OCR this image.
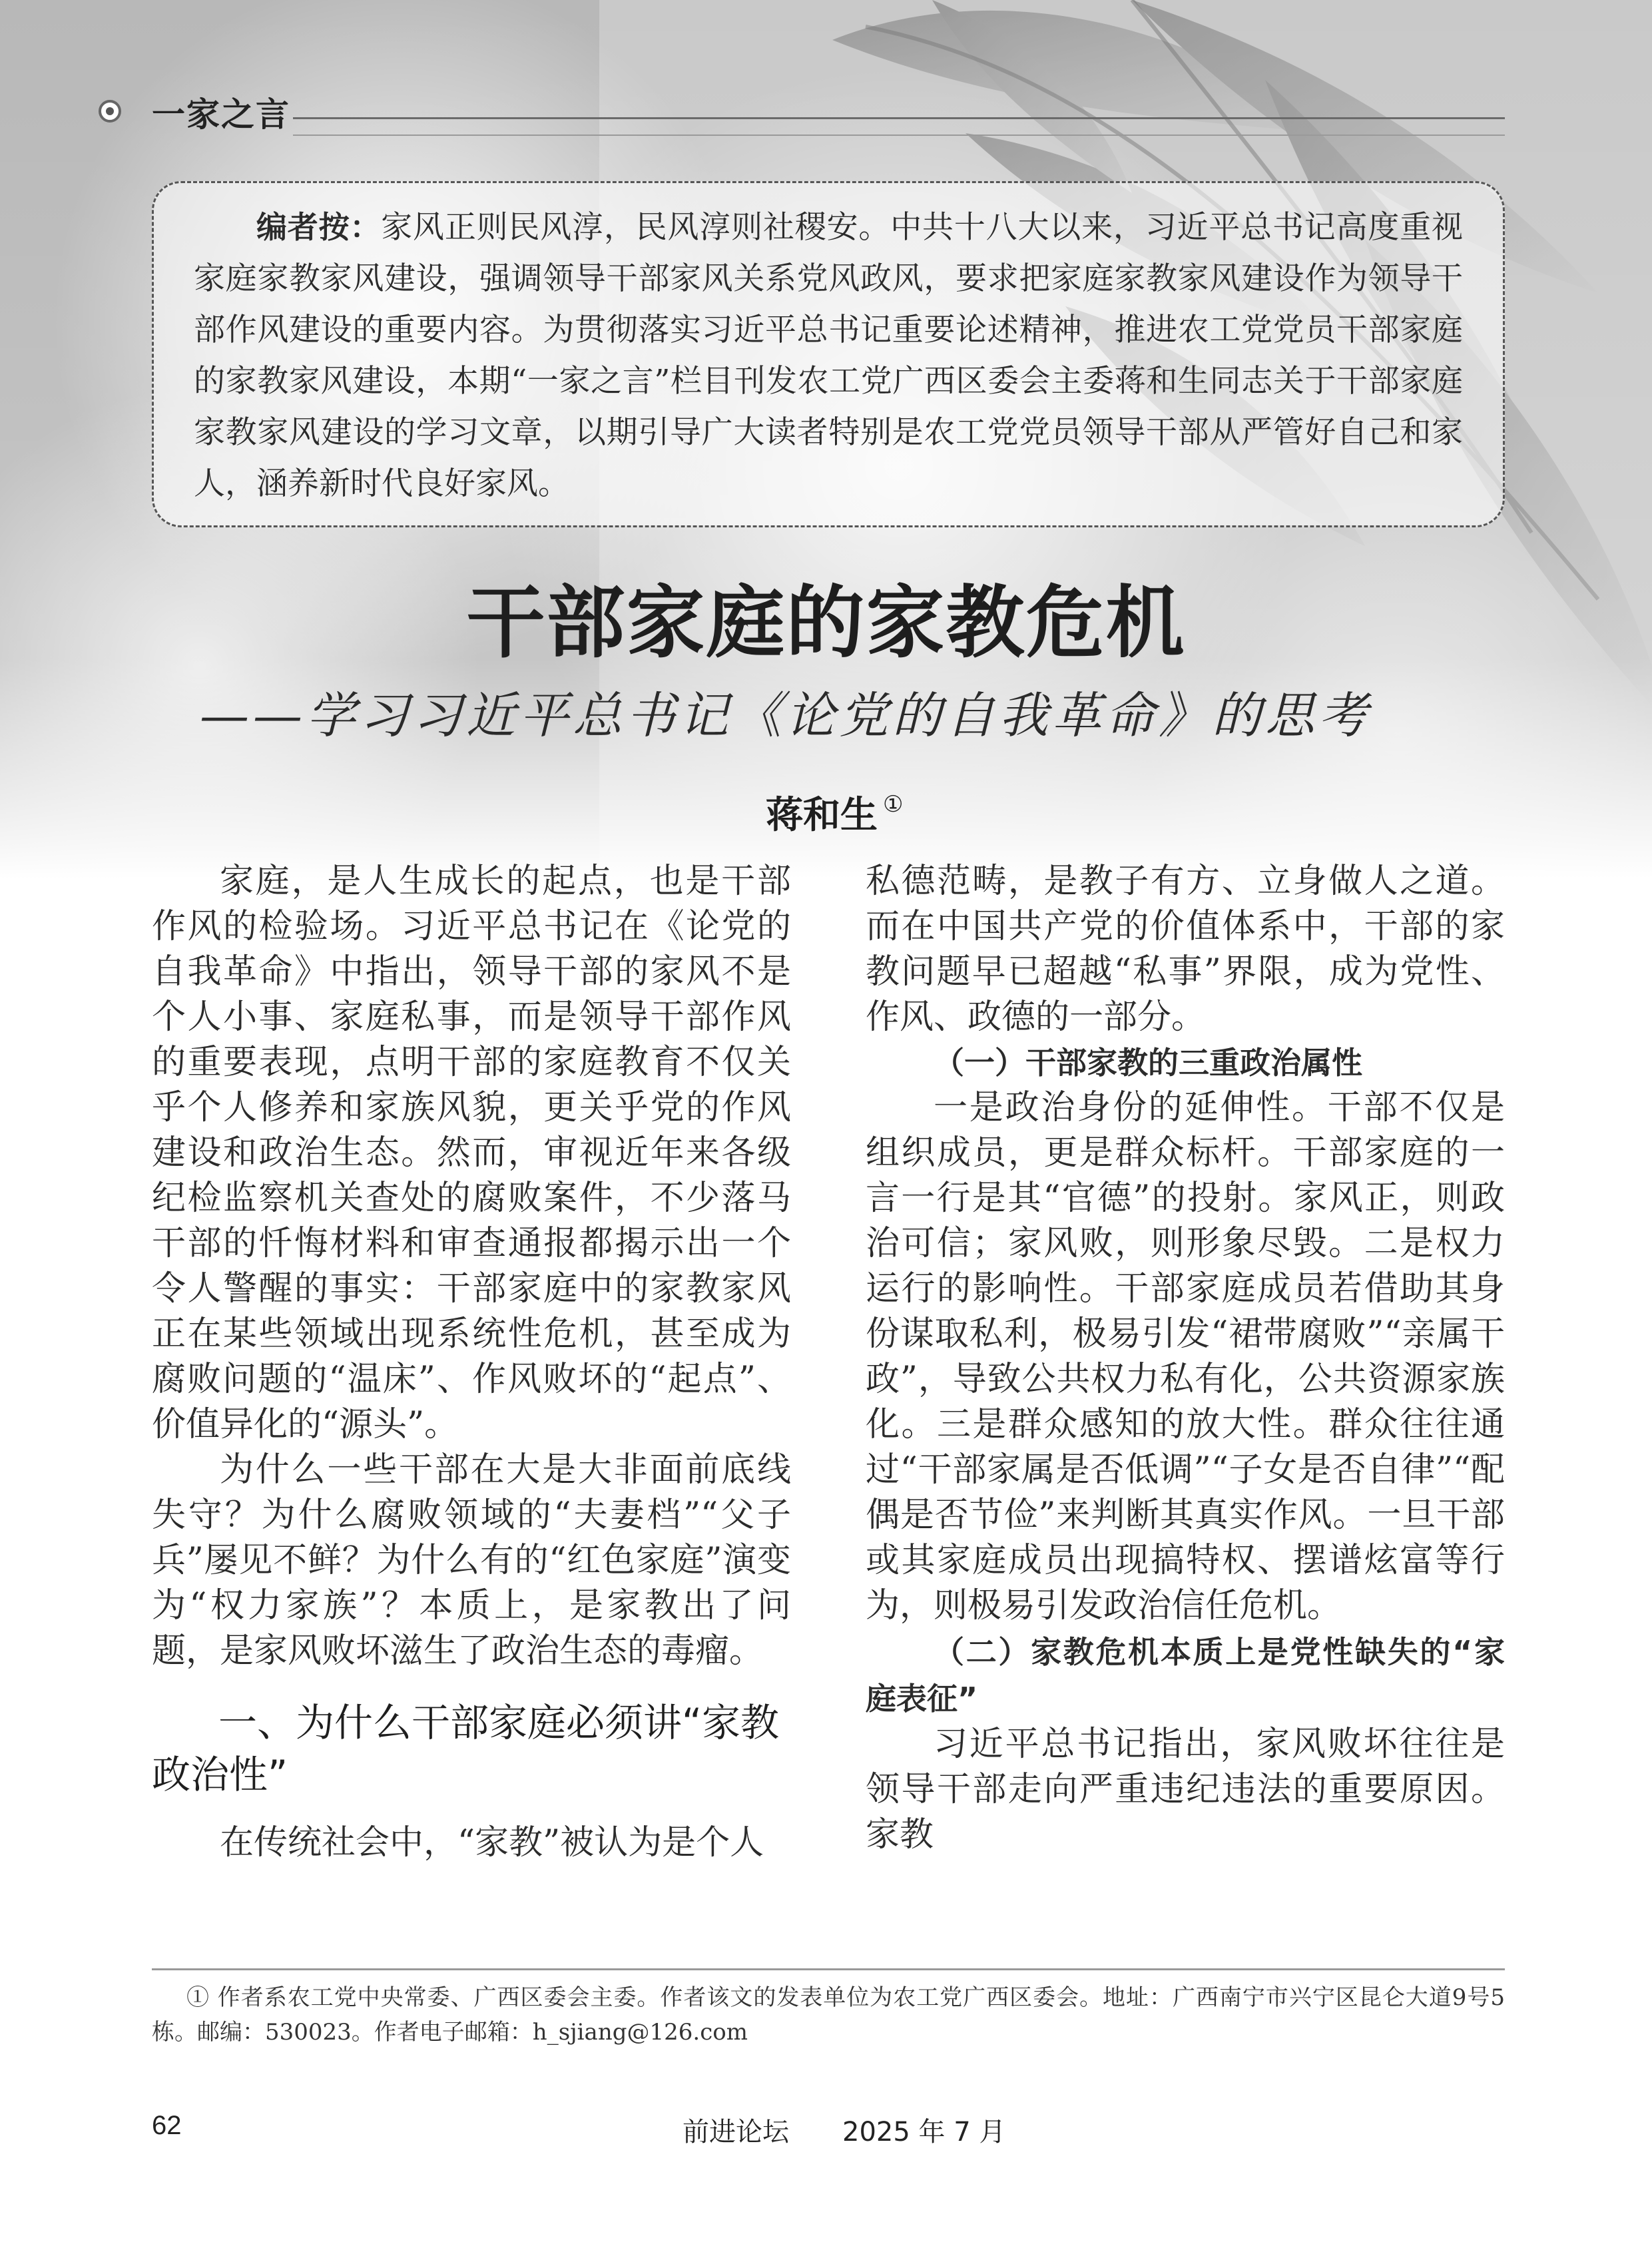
一家之言

编者按：家风正则民风淳，民风淳则社稷安。中共十八大以来，习近平总书记高度重视家庭家教家风建设，强调领导干部家风关系党风政风，要求把家庭家教家风建设作为领导干部作风建设的重要内容。为贯彻落实习近平总书记重要论述精神，推进农工党党员干部家庭的家教家风建设，本期“一家之言”栏目刊发农工党广西区委会主委蒋和生同志关于干部家庭家教家风建设的学习文章，以期引导广大读者特别是农工党党员领导干部从严管好自己和家人，涵养新时代良好家风。

干部家庭的家教危机
——学习习近平总书记《论党的自我革命》的思考
蒋和生 ①

家庭，是人生成长的起点，也是干部作风的检验场。习近平总书记在《论党的自我革命》中指出，领导干部的家风不是个人小事、家庭私事，而是领导干部作风的重要表现，点明干部的家庭教育不仅关乎个人修养和家族风貌，更关乎党的作风建设和政治生态。然而，审视近年来各级纪检监察机关查处的腐败案件，不少落马干部的忏悔材料和审查通报都揭示出一个令人警醒的事实：干部家庭中的家教家风正在某些领域出现系统性危机，甚至成为腐败问题的“温床”、作风败坏的“起点”、价值异化的“源头”。

为什么一些干部在大是大非面前底线失守？为什么腐败领域的“夫妻档”“父子兵”屡见不鲜？为什么有的“红色家庭”演变为“权力家族”？本质上，是家教出了问题，是家风败坏滋生了政治生态的毒瘤。

一、为什么干部家庭必须讲“家教政治性”

在传统社会中，“家教”被认为是个人

私德范畴，是教子有方、立身做人之道。而在中国共产党的价值体系中，干部的家教问题早已超越“私事”界限，成为党性、作风、政德的一部分。

（一）干部家教的三重政治属性

一是政治身份的延伸性。干部不仅是组织成员，更是群众标杆。干部家庭的一言一行是其“官德”的投射。家风正，则政治可信；家风败，则形象尽毁。二是权力运行的影响性。干部家庭成员若借助其身份谋取私利，极易引发“裙带腐败”“亲属干政”，导致公共权力私有化，公共资源家族化。三是群众感知的放大性。群众往往通过“干部家属是否低调”“子女是否自律”“配偶是否节俭”来判断其真实作风。一旦干部或其家庭成员出现搞特权、摆谱炫富等行为，则极易引发政治信任危机。

（二）家教危机本质上是党性缺失的“家庭表征”

习近平总书记指出，家风败坏往往是领导干部走向严重违纪违法的重要原因。家教

① 作者系农工党中央常委、广西区委会主委。作者该文的发表单位为农工党广西区委会。地址：广西南宁市兴宁区昆仑大道9号5栋。邮编：530023。作者电子邮箱：h_sjiang@126.com
62	前进论坛　　2025 年 7 月
